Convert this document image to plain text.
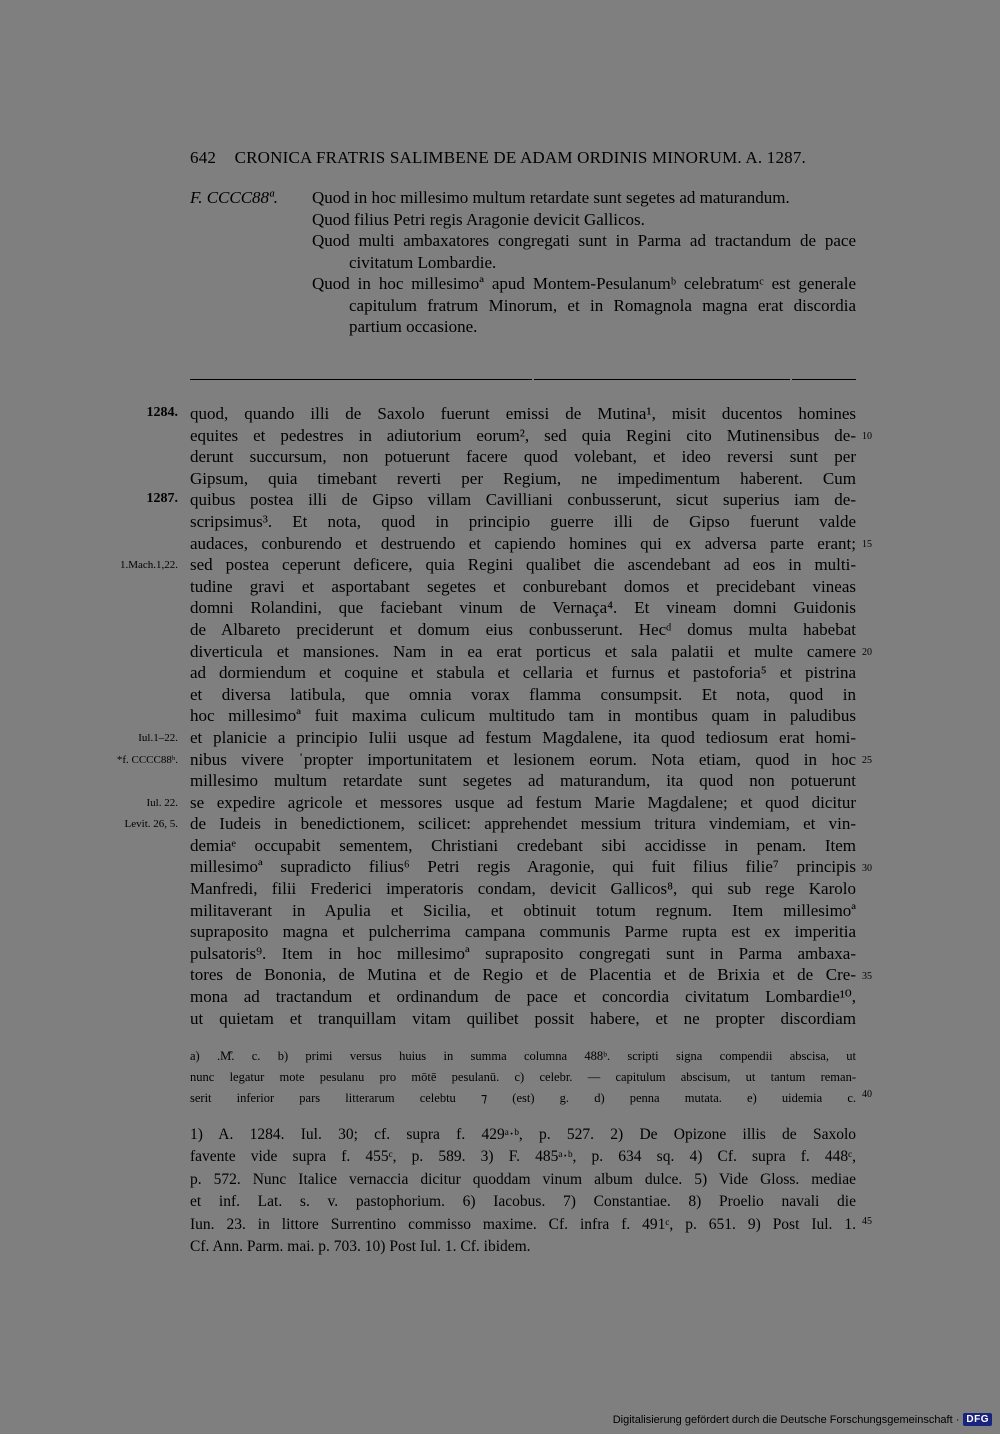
642 CRONICA FRATRIS SALIMBENE DE ADAM ORDINIS MINORUM. A. 1287.
F. CCCC88ª. Quod in hoc millesimo multum retardate sunt segetes ad maturandum.
Quod filius Petri regis Aragonie devicit Gallicos.
Quod multi ambaxatores congregati sunt in Parma ad tractandum de pace civitatum Lombardie.
Quod in hoc millesimoª apud Montem-Pesulanumᵇ celebratumᶜ est generale capitulum fratrum Minorum, et in Romagnola magna erat discordia partium occasione.
quod, quando illi de Saxolo fuerunt emissi de Mutina¹, misit ducentos homines
equites et pedestres in adiutorium eorum², sed quia Regini cito Mutinensibus de-
derunt succursum, non potuerunt facere quod volebant, et ideo reversi sunt per
Gipsum, quia timebant reverti per Regium, ne impedimentum haberent. Cum
quibus postea illi de Gipso villam Cavilliani conbusserunt, sicut superius iam de-
scripsimus³. Et nota, quod in principio guerre illi de Gipso fuerunt valde
audaces, conburendo et destruendo et capiendo homines qui ex adversa parte erant;
sed postea ceperunt deficere, quia Regini qualibet die ascendebant ad eos in multi-
tudine gravi et asportabant segetes et conburebant domos et precidebant vineas
domni Rolandini, que faciebant vinum de Vernaça⁴. Et vineam domni Guidonis
de Albareto preciderunt et domum eius conbusserunt. Hecᵈ domus multa habebat
diverticula et mansiones. Nam in ea erat porticus et sala palatii et multe camere
ad dormiendum et coquine et stabula et cellaria et furnus et pastoforia⁵ et pistrina
et diversa latibula, que omnia vorax flamma consumpsit. Et nota, quod in
hoc millesimoª fuit maxima culicum multitudo tam in montibus quam in paludibus
et planicie a principio Iulii usque ad festum Magdalene, ita quod tediosum erat homi-
nibus vivere ˈpropter importunitatem et lesionem eorum. Nota etiam, quod in hoc
millesimo multum retardate sunt segetes ad maturandum, ita quod non potuerunt
se expedire agricole et messores usque ad festum Marie Magdalene; et quod dicitur
de Iudeis in benedictionem, scilicet: apprehendet messium tritura vindemiam, et vin-
demiaᵉ occupabit sementem, Christiani credebant sibi accidisse in penam. Item
millesimoª supradicto filius⁶ Petri regis Aragonie, qui fuit filius filie⁷ principis
Manfredi, filii Frederici imperatoris condam, devicit Gallicos⁸, qui sub rege Karolo
militaverant in Apulia et Sicilia, et obtinuit totum regnum. Item millesimoª
supraposito magna et pulcherrima campana communis Parme rupta est ex imperitia
pulsatoris⁹. Item in hoc millesimoª supraposito congregati sunt in Parma ambaxa-
tores de Bononia, de Mutina et de Regio et de Placentia et de Brixia et de Cre-
mona ad tractandum et ordinandum de pace et concordia civitatum Lombardie¹⁰,
ut quietam et tranquillam vitam quilibet possit habere, et ne propter discordiam
1284.
1287.
1.Mach.1,22.
Iul.1–22.
*f. CCCC88ᵇ.
Iul. 22.
Levit. 26, 5.
10
15
20
25
30
35
a) .M̊. c. b) primi versus huius in summa columna 488ᵇ. scripti signa compendii abscisa, ut
nunc legatur mote pesulanu pro mōtē pesulanū. c) celebr. — capitulum abscisum, ut tantum reman-
serit inferior pars litterarum celebtu ⁊ (est) g. d) penna mutata. e) uidemia c. 40
1) A. 1284. Iul. 30; cf. supra f. 429ᵃ·ᵇ, p. 527. 2) De Opizone illis de Saxolo
favente vide supra f. 455ᶜ, p. 589. 3) F. 485ᵃ·ᵇ, p. 634 sq. 4) Cf. supra f. 448ᶜ,
p. 572. Nunc Italice vernaccia dicitur quoddam vinum album dulce. 5) Vide Gloss. mediae
et inf. Lat. s. v. pastophorium. 6) Iacobus. 7) Constantiae. 8) Proelio navali die
Iun. 23. in littore Surrentino commisso maxime. Cf. infra f. 491ᶜ, p. 651. 9) Post Iul. 1.
Cf. Ann. Parm. mai. p. 703. 10) Post Iul. 1. Cf. ibidem.
45
Digitalisierung gefördert durch die Deutsche Forschungsgemeinschaft · DFG
